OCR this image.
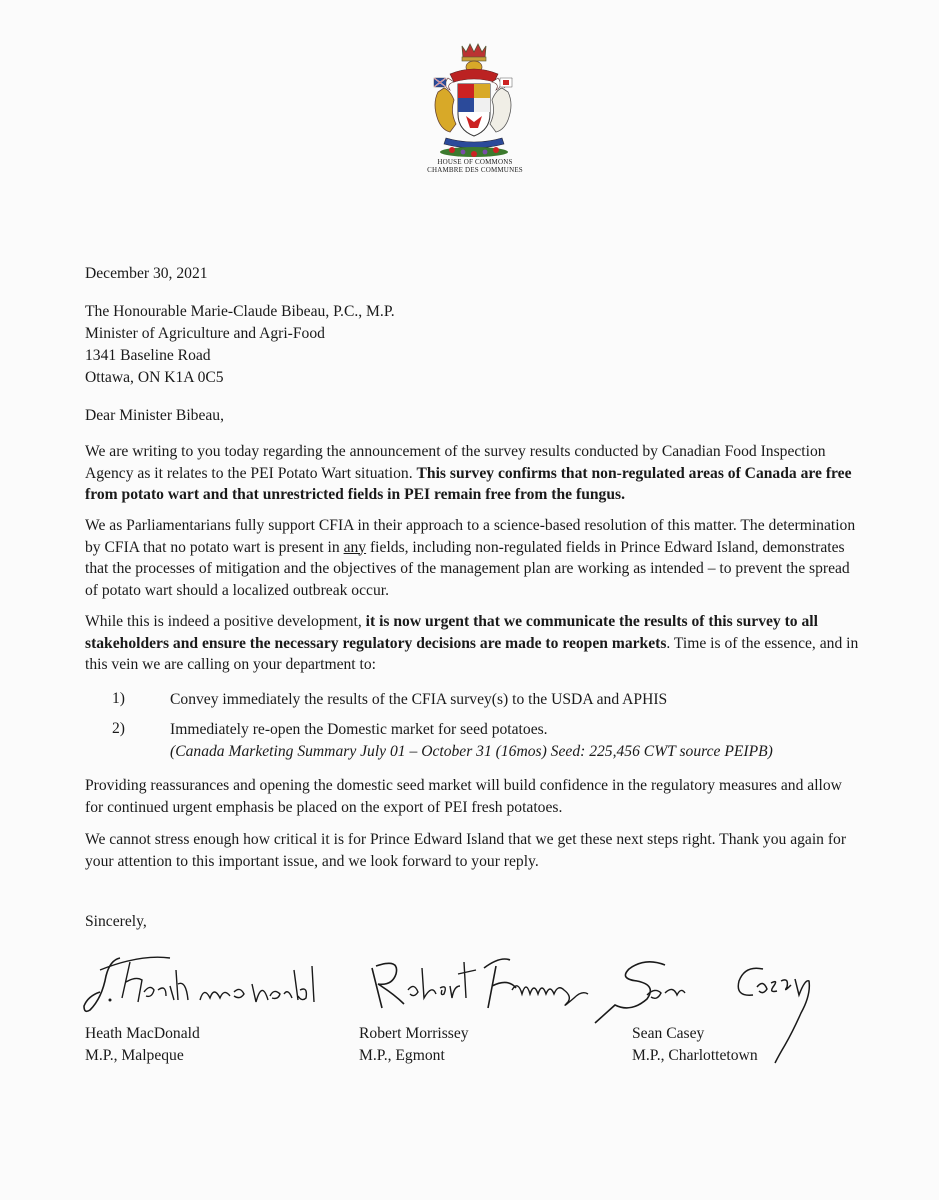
HOUSE OF COMMONS
CHAMBRE DES COMMUNES
December 30, 2021
The Honourable Marie-Claude Bibeau, P.C., M.P.
Minister of Agriculture and Agri-Food
1341 Baseline Road
Ottawa, ON K1A 0C5
Dear Minister Bibeau,
We are writing to you today regarding the announcement of the survey results conducted by Canadian Food Inspection Agency as it relates to the PEI Potato Wart situation. This survey confirms that non-regulated areas of Canada are free from potato wart and that unrestricted fields in PEI remain free from the fungus.
We as Parliamentarians fully support CFIA in their approach to a science-based resolution of this matter. The determination by CFIA that no potato wart is present in any fields, including non-regulated fields in Prince Edward Island, demonstrates that the processes of mitigation and the objectives of the management plan are working as intended – to prevent the spread of potato wart should a localized outbreak occur.
While this is indeed a positive development, it is now urgent that we communicate the results of this survey to all stakeholders and ensure the necessary regulatory decisions are made to reopen markets. Time is of the essence, and in this vein we are calling on your department to:
1)	Convey immediately the results of the CFIA survey(s) to the USDA and APHIS
2)	Immediately re-open the Domestic market for seed potatoes.
(Canada Marketing Summary July 01 – October 31 (16mos) Seed: 225,456 CWT source PEIPB)
Providing reassurances and opening the domestic seed market will build confidence in the regulatory measures and allow for continued urgent emphasis be placed on the export of PEI fresh potatoes.
We cannot stress enough how critical it is for Prince Edward Island that we get these next steps right. Thank you again for your attention to this important issue, and we look forward to your reply.
Sincerely,
Heath MacDonald
M.P., Malpeque
Robert Morrissey
M.P., Egmont
Sean Casey
M.P., Charlottetown
